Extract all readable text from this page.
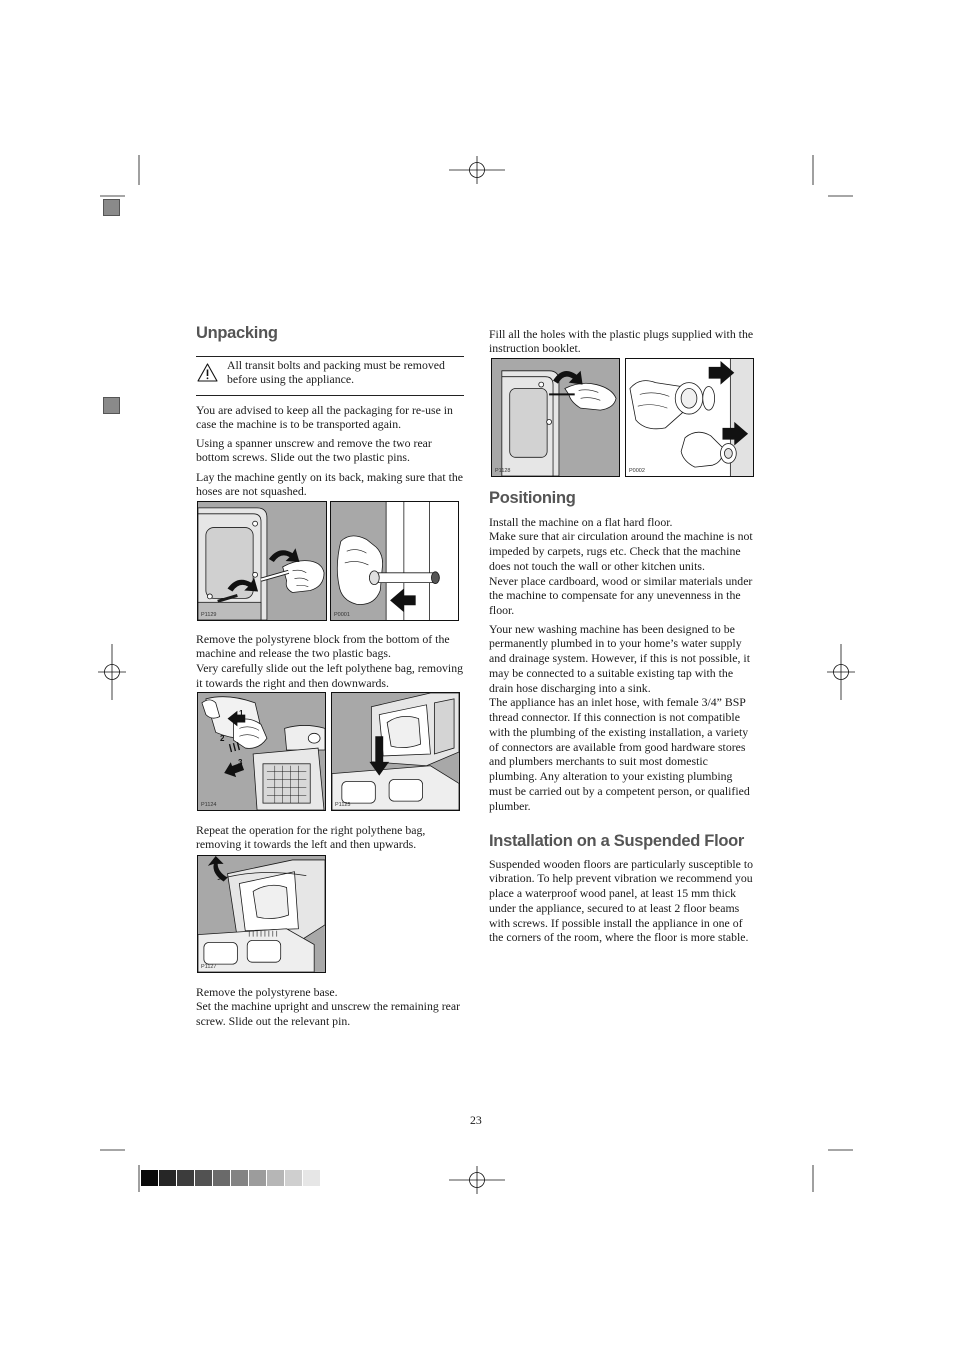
Unpacking
All transit bolts and packing must be removed
before using the appliance.
You are advised to keep all the packaging for re-use in
case the machine is to be transported again.
Using a spanner unscrew and remove the two rear
bottom screws. Slide out the two plastic pins.
Lay the machine gently on its back, making sure that the
hoses are not squashed.
P1129	P0001
Remove the polystyrene block from the bottom of the
machine and release the two plastic bags.
Very carefully slide out the left polythene bag, removing
it towards the right and then downwards.
1
2
3
P1124	P1125
Repeat the operation for the right polythene bag,
removing it towards the left and then upwards.
P1127
Remove the polystyrene base.
Set the machine upright and unscrew the remaining rear
screw. Slide out the relevant pin.
Fill all the holes with the plastic plugs supplied with the
instruction booklet.
P1128	P0002
Positioning
Install the machine on a flat hard floor.
Make sure that air circulation around the machine is not
impeded by carpets, rugs etc. Check that the machine
does not touch the wall or other kitchen units.
Never place cardboard, wood or similar materials under
the machine to compensate for any unevenness in the
floor.
Your new washing machine has been designed to be
permanently plumbed in to your home’s water supply
and drainage system. However, if this is not possible, it
may be connected to a suitable existing tap with the
drain hose discharging into a sink.
The appliance has an inlet hose, with female 3/4” BSP
thread connector. If this connection is not compatible
with the plumbing of the existing installation, a variety
of connectors are available from good hardware stores
and plumbers merchants to suit most domestic
plumbing. Any alteration to your existing plumbing
must be carried out by a competent person, or qualified
plumber.
Installation on a Suspended Floor
Suspended wooden floors are particularly susceptible to
vibration. To help prevent vibration we recommend you
place a waterproof wood panel, at least 15 mm thick
under the appliance, secured to at least 2 floor beams
with screws. If possible install the appliance in one of
the corners of the room, where the floor is more stable.
23
